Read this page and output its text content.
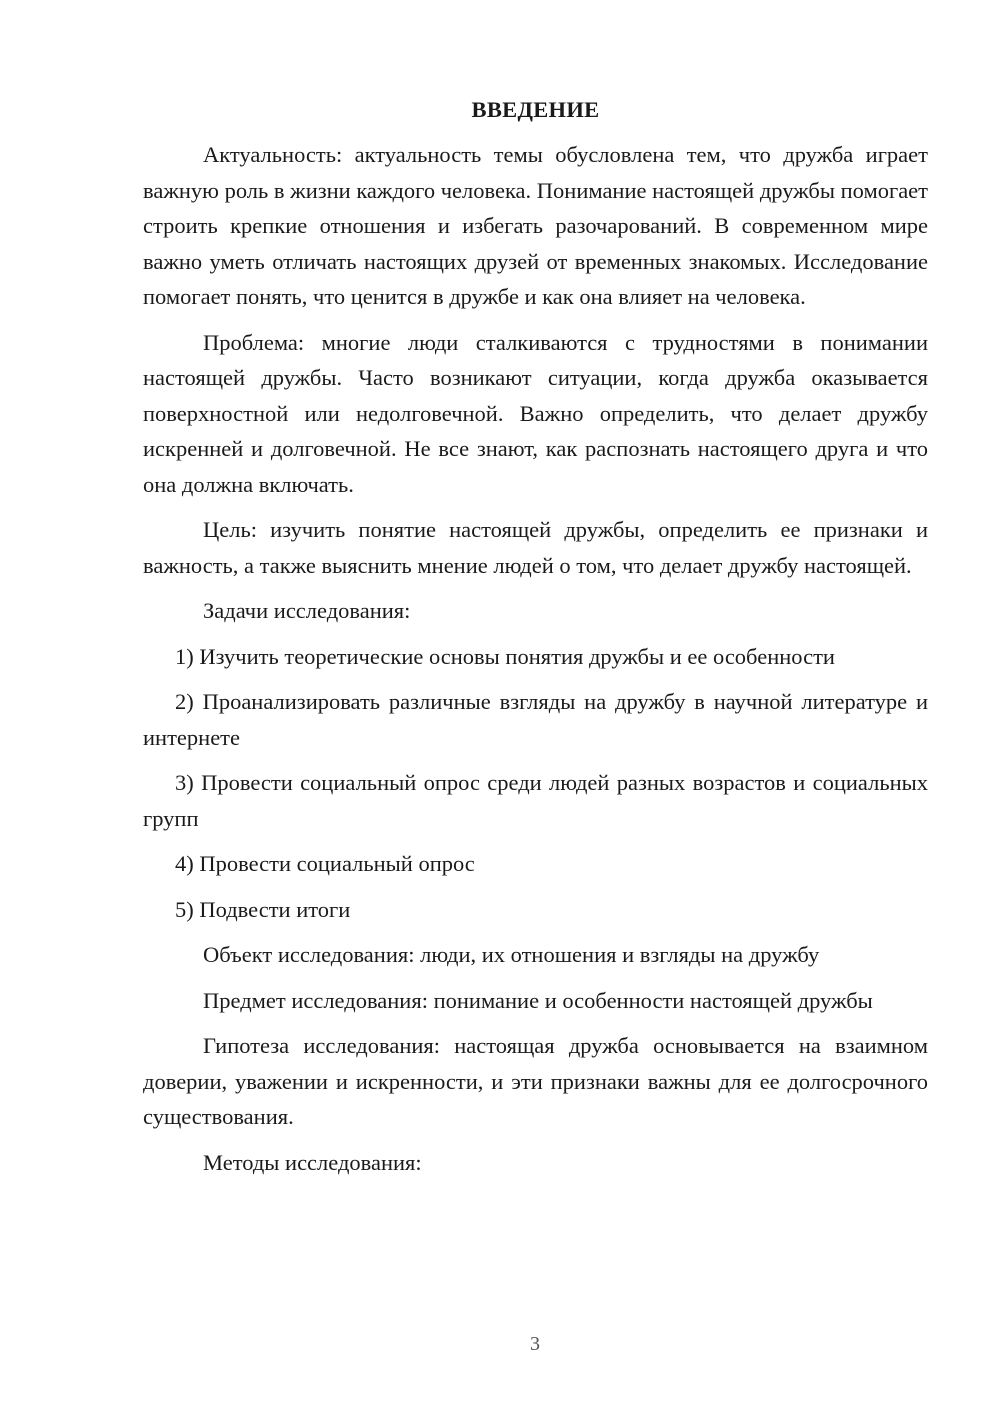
ВВЕДЕНИЕ

Актуальность: актуальность темы обусловлена тем, что дружба играет важную роль в жизни каждого человека. Понимание настоящей дружбы помогает строить крепкие отношения и избегать разочарований. В современном мире важно уметь отличать настоящих друзей от временных знакомых. Исследование помогает понять, что ценится в дружбе и как она влияет на человека.

Проблема: многие люди сталкиваются с трудностями в понимании настоящей дружбы. Часто возникают ситуации, когда дружба оказывается поверхностной или недолговечной. Важно определить, что делает дружбу искренней и долговечной. Не все знают, как распознать настоящего друга и что она должна включать.

Цель: изучить понятие настоящей дружбы, определить ее признаки и важность, а также выяснить мнение людей о том, что делает дружбу настоящей.

Задачи исследования:

1) Изучить теоретические основы понятия дружбы и ее особенности

2) Проанализировать различные взгляды на дружбу в научной литературе и интернете

3) Провести социальный опрос среди людей разных возрастов и социальных групп

4) Провести социальный опрос

5) Подвести итоги

Объект исследования: люди, их отношения и взгляды на дружбу

Предмет исследования: понимание и особенности настоящей дружбы

Гипотеза исследования: настоящая дружба основывается на взаимном доверии, уважении и искренности, и эти признаки важны для ее долгосрочного существования.

Методы исследования:

3
